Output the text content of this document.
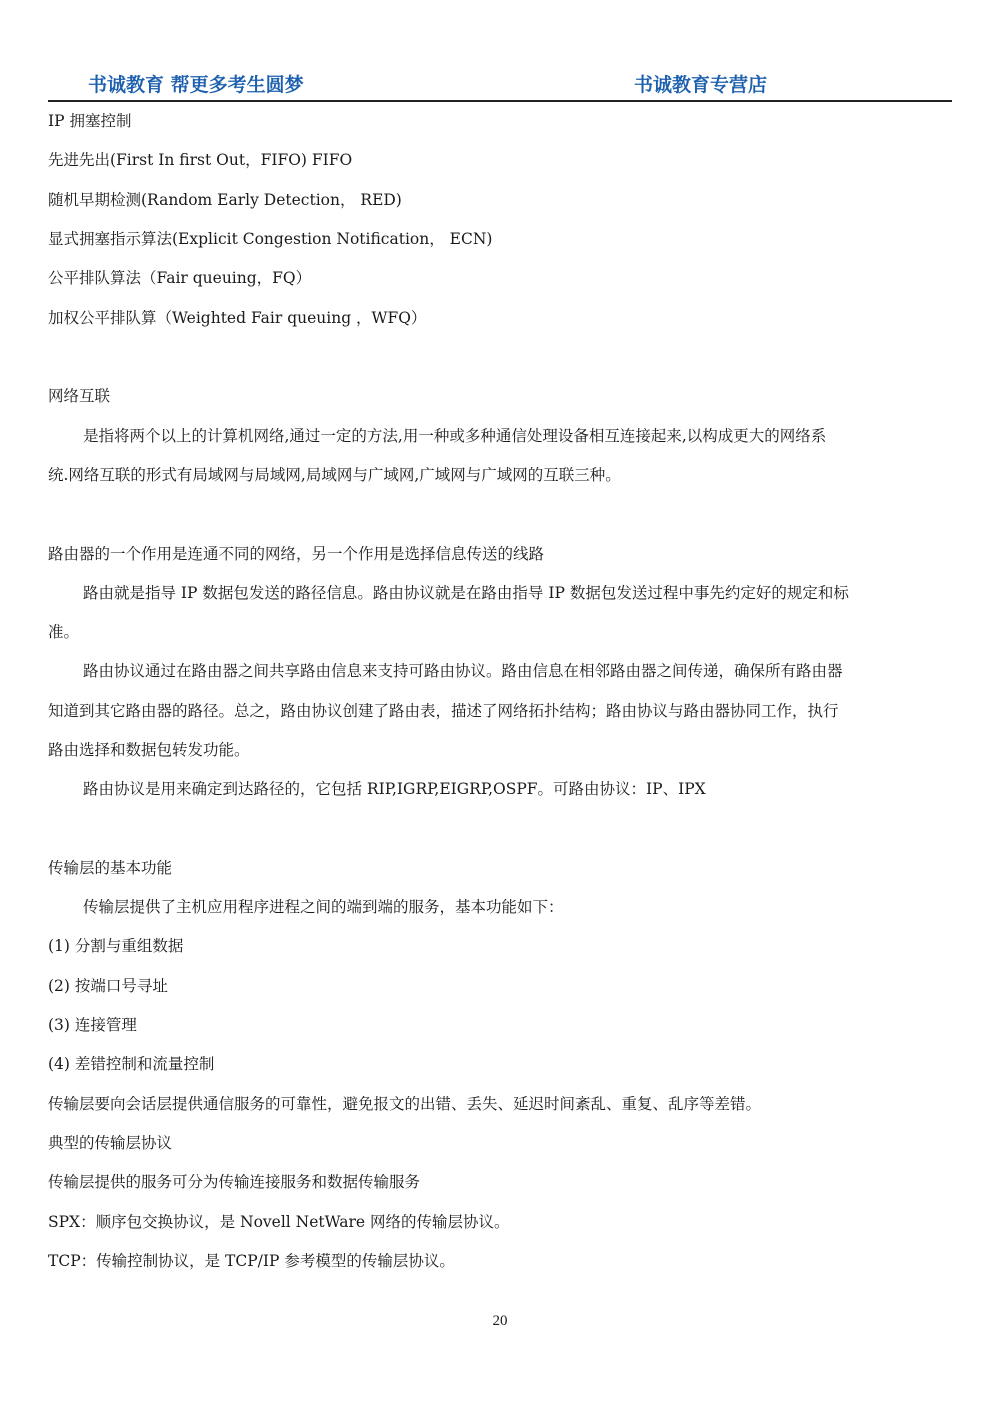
书诚教育 帮更多考生圆梦	书诚教育专营店
IP 拥塞控制
先进先出(First In first Out，FIFO) FIFO
随机早期检测(Random Early Detection， RED)
显式拥塞指示算法(Explicit Congestion Notification， ECN)
公平排队算法（Fair queuing，FQ）
加权公平排队算（Weighted Fair queuing ，WFQ）
网络互联
是指将两个以上的计算机网络,通过一定的方法,用一种或多种通信处理设备相互连接起来,以构成更大的网络系
统.网络互联的形式有局域网与局域网,局域网与广域网,广域网与广域网的互联三种。
路由器的一个作用是连通不同的网络，另一个作用是选择信息传送的线路
路由就是指导 IP 数据包发送的路径信息。路由协议就是在路由指导 IP 数据包发送过程中事先约定好的规定和标
准。
路由协议通过在路由器之间共享路由信息来支持可路由协议。路由信息在相邻路由器之间传递，确保所有路由器
知道到其它路由器的路径。总之，路由协议创建了路由表，描述了网络拓扑结构；路由协议与路由器协同工作，执行
路由选择和数据包转发功能。
路由协议是用来确定到达路径的，它包括 RIP,IGRP,EIGRP,OSPF。可路由协议：IP、IPX
传输层的基本功能
传输层提供了主机应用程序进程之间的端到端的服务，基本功能如下：
(1) 分割与重组数据
(2) 按端口号寻址
(3) 连接管理
(4) 差错控制和流量控制
传输层要向会话层提供通信服务的可靠性，避免报文的出错、丢失、延迟时间紊乱、重复、乱序等差错。
典型的传输层协议
传输层提供的服务可分为传输连接服务和数据传输服务
SPX：顺序包交换协议，是 Novell NetWare 网络的传输层协议。
TCP：传输控制协议，是 TCP/IP 参考模型的传输层协议。
20
